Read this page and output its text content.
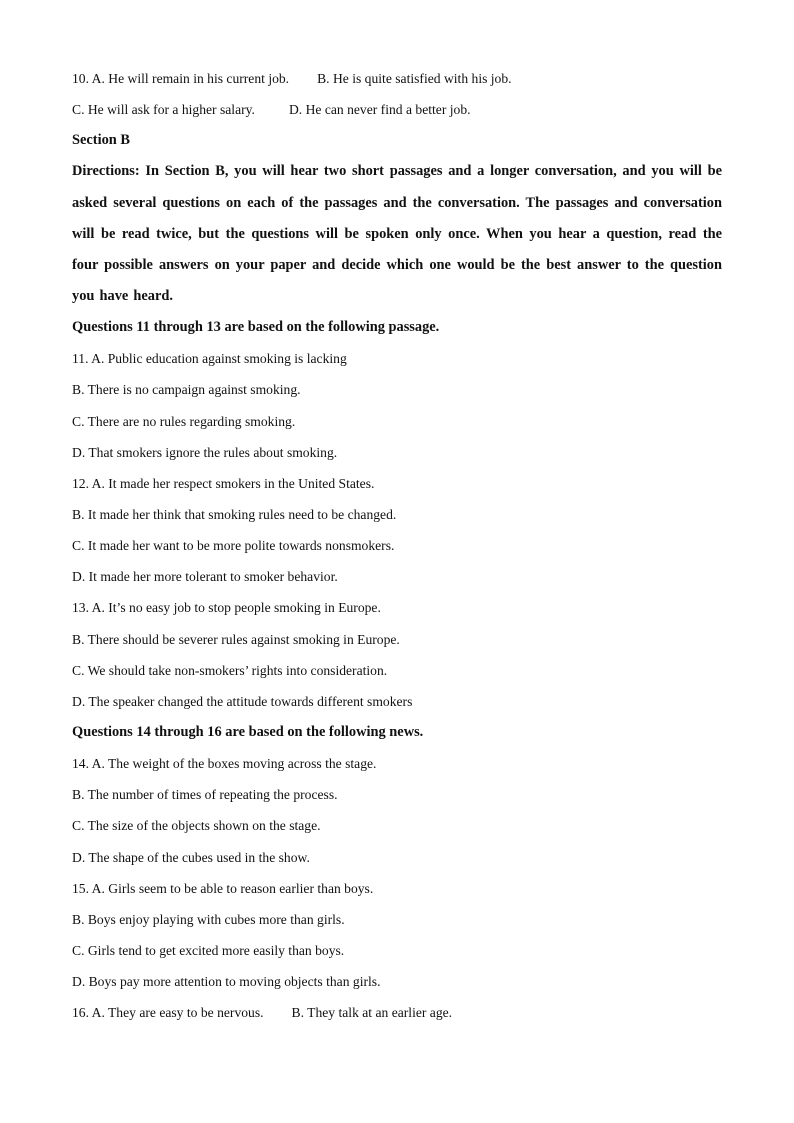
10. A. He will remain in his current job. B. He is quite satisfied with his job.
C. He will ask for a higher salary.	D. He can never find a better job.
Section B
Directions: In Section B, you will hear two short passages and a longer conversation, and you will be asked several questions on each of the passages and the conversation. The passages and conversation will be read twice, but the questions will be spoken only once. When you hear a question, read the four possible answers on your paper and decide which one would be the best answer to the question you have heard.
Questions 11 through 13 are based on the following passage.
11. A. Public education against smoking is lacking
B. There is no campaign against smoking.
C. There are no rules regarding smoking.
D. That smokers ignore the rules about smoking.
12. A. It made her respect smokers in the United States.
B. It made her think that smoking rules need to be changed.
C. It made her want to be more polite towards nonsmokers.
D. It made her more tolerant to smoker behavior.
13. A. It’s no easy job to stop people smoking in Europe.
B. There should be severer rules against smoking in Europe.
C. We should take non-smokers’ rights into consideration.
D. The speaker changed the attitude towards different smokers
Questions 14 through 16 are based on the following news.
14. A. The weight of the boxes moving across the stage.
B. The number of times of repeating the process.
C. The size of the objects shown on the stage.
D. The shape of the cubes used in the show.
15. A. Girls seem to be able to reason earlier than boys.
B. Boys enjoy playing with cubes more than girls.
C. Girls tend to get excited more easily than boys.
D. Boys pay more attention to moving objects than girls.
16. A. They are easy to be nervous. B. They talk at an earlier age.
